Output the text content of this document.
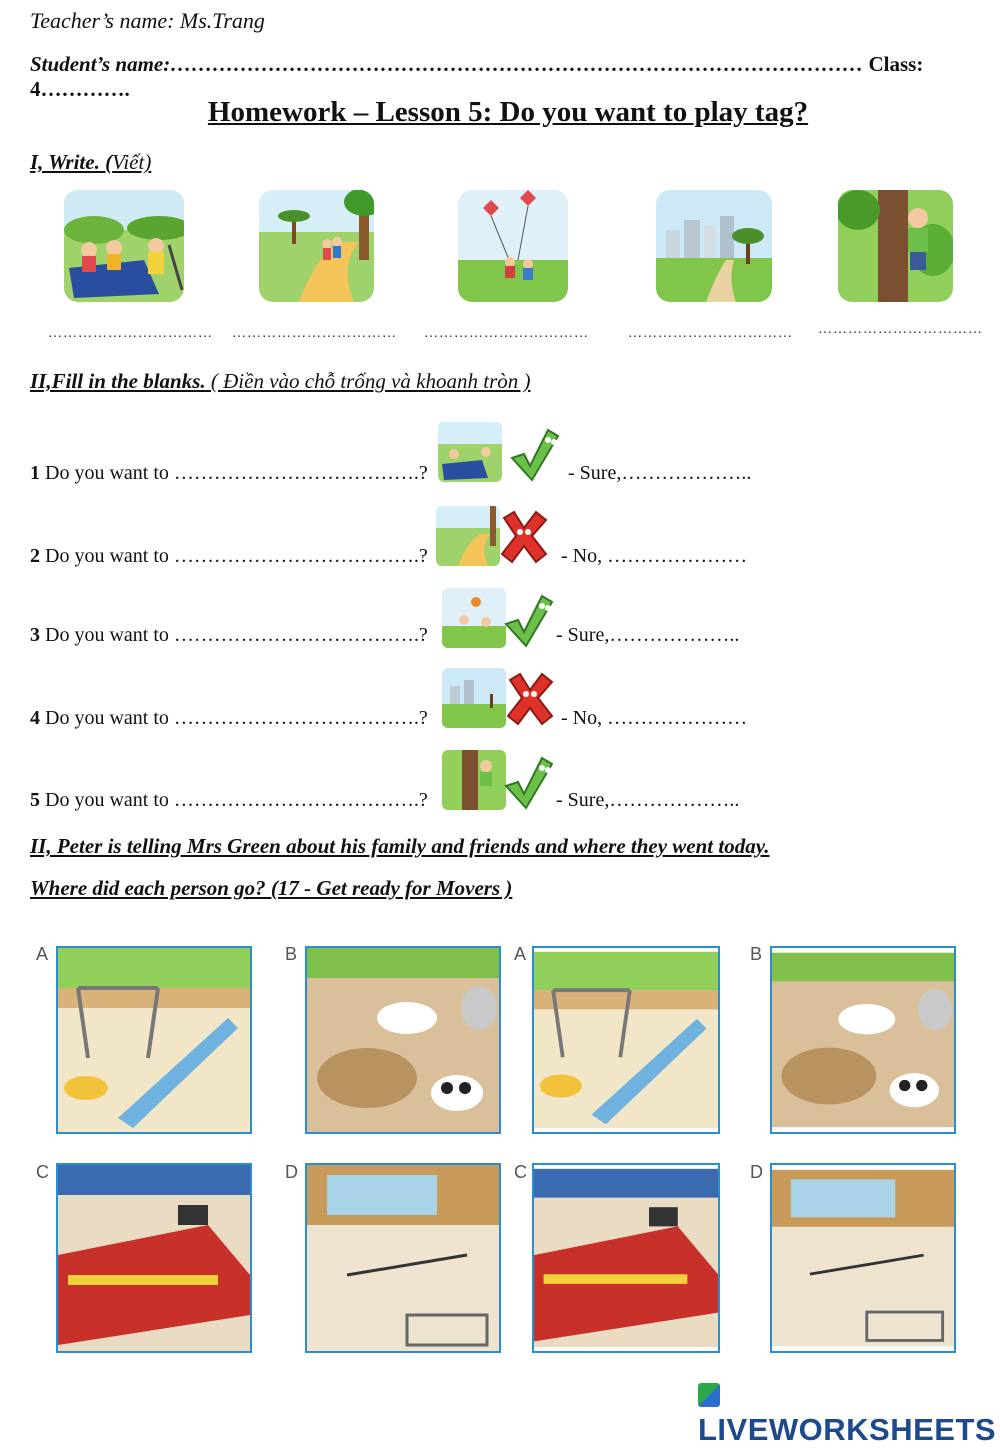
Teacher’s name: Ms.Trang
Student’s name:……………………………………………………………………………………… Class: 4………….
Homework – Lesson 5: Do you want to play tag?
I, Write. (Viết)
…………………………… …………………………… ……………………………	…………………………… ……………………………
II,Fill in the blanks. ( Điền vào chỗ trống và khoanh tròn )
1 Do you want to ……………………………….?	- Sure,………………..
2 Do you want to ……………………………….?	- No, …………………
3 Do you want to ……………………………….?	- Sure,………………..
4 Do you want to ……………………………….?	- No, …………………
5 Do you want to ……………………………….?	- Sure,………………..
II, Peter is telling Mrs Green about his family and friends and where they went today.
Where did each person go? (17 - Get ready for Movers )
A	B	A	B
C	D	C	D
LIVEWORKSHEETS
